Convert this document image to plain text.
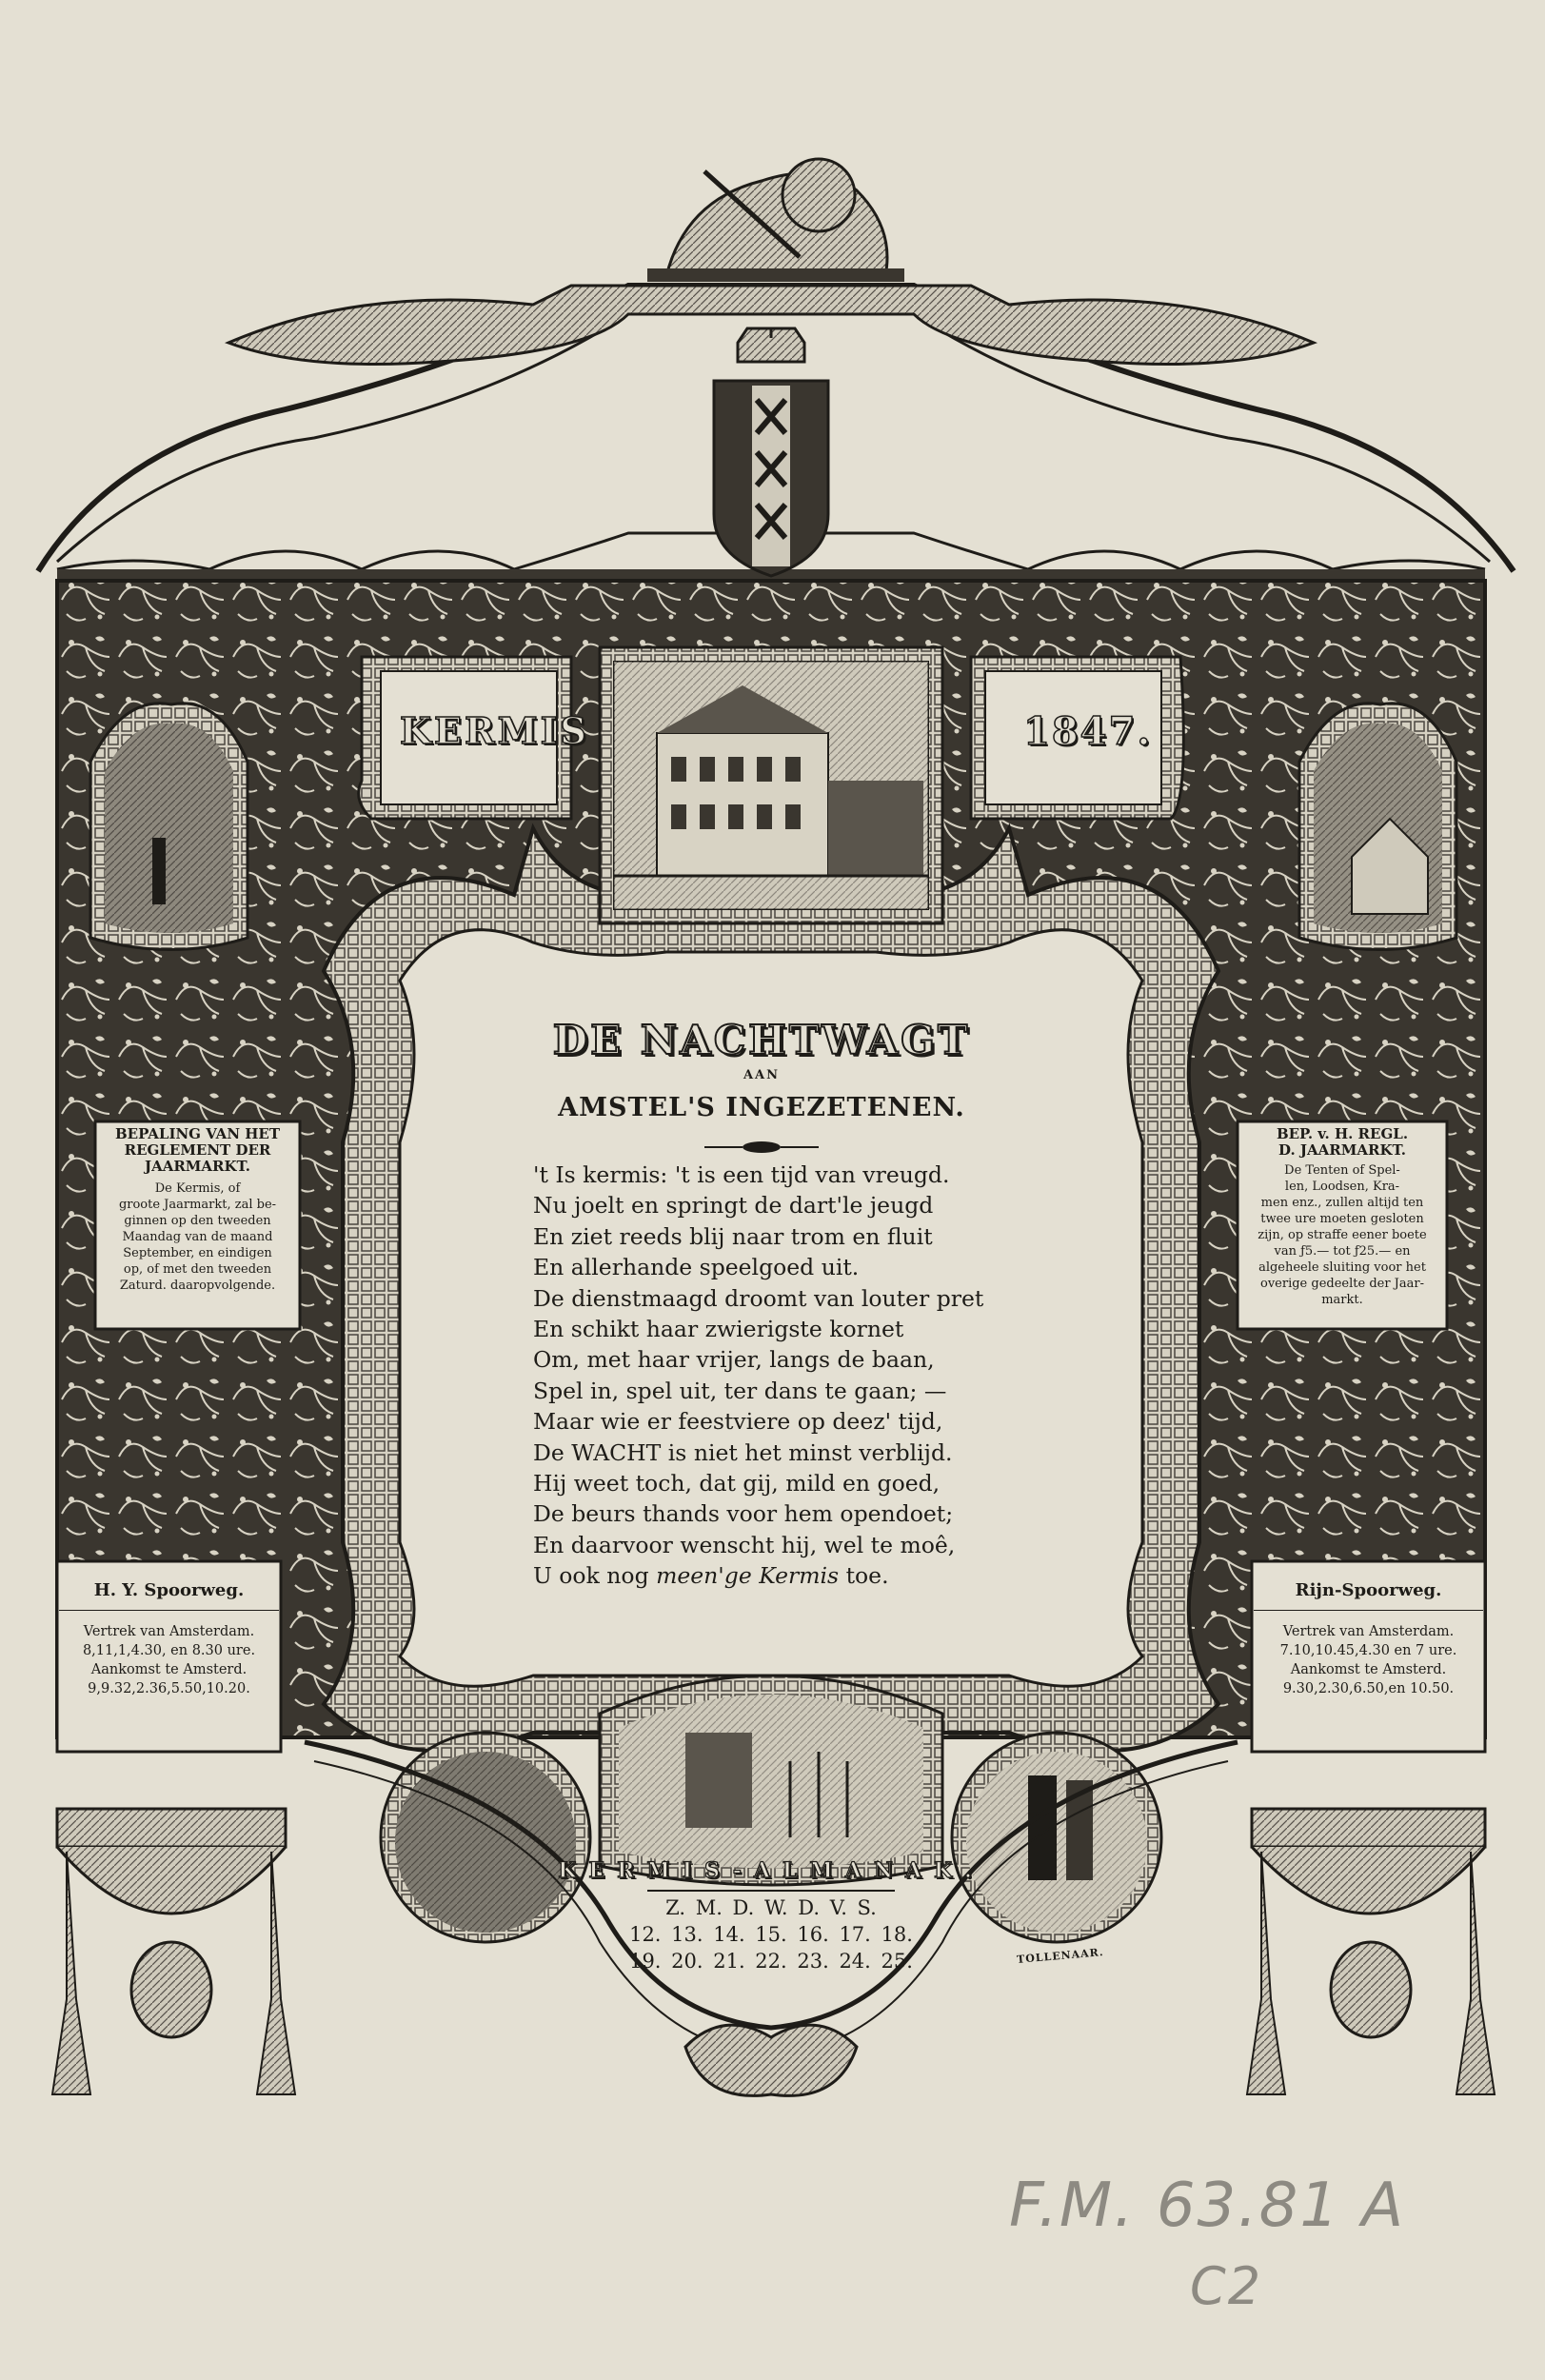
KERMIS	1847.
DE NACHTWAGT
AAN
AMSTEL'S INGEZETENEN.
't Is kermis: 't is een tijd van vreugd.
Nu joelt en springt de dart'le jeugd
En ziet reeds blij naar trom en fluit
En allerhande speelgoed uit.
De dienstmaagd droomt van louter pret
En schikt haar zwierigste kornet
Om, met haar vrijer, langs de baan,
Spel in, spel uit, ter dans te gaan; —
Maar wie er feestviere op deez' tijd,
De WACHT is niet het minst verblijd.
Hij weet toch, dat gij, mild en goed,
De beurs thands voor hem opendoet;
En daarvoor wenscht hij, wel te moê,
U ook nog meen'ge Kermis toe.
BEPALING VAN HET
REGLEMENT DER
JAARMARKT.
De Kermis, of
groote Jaarmarkt, zal be-
ginnen op den tweeden
Maandag van de maand
September, en eindigen
op, of met den tweeden
Zaturd. daaropvolgende.
BEP. v. H. REGL.
D. JAARMARKT.
De Tenten of Spel-
len, Loodsen, Kra-
men enz., zullen altijd ten
twee ure moeten gesloten
zijn, op straffe eener boete
van ƒ5.— tot ƒ25.— en
algeheele sluiting voor het
overige gedeelte der Jaar-
markt.
H. Y. Spoorweg.
Vertrek van Amsterdam.
8,11,1,4.30, en 8.30 ure.
Aankomst te Amsterd.
9,9.32,2.36,5.50,10.20.
Rijn-Spoorweg.
Vertrek van Amsterdam.
7.10,10.45,4.30 en 7 ure.
Aankomst te Amsterd.
9.30,2.30,6.50,en 10.50.
KERMIS-ALMANAK.
Z. M. D. W. D. V. S.
12. 13. 14. 15. 16. 17. 18.
19. 20. 21. 22. 23. 24. 25.	TOLLENAAR.
F.M. 63.81 A
C2
